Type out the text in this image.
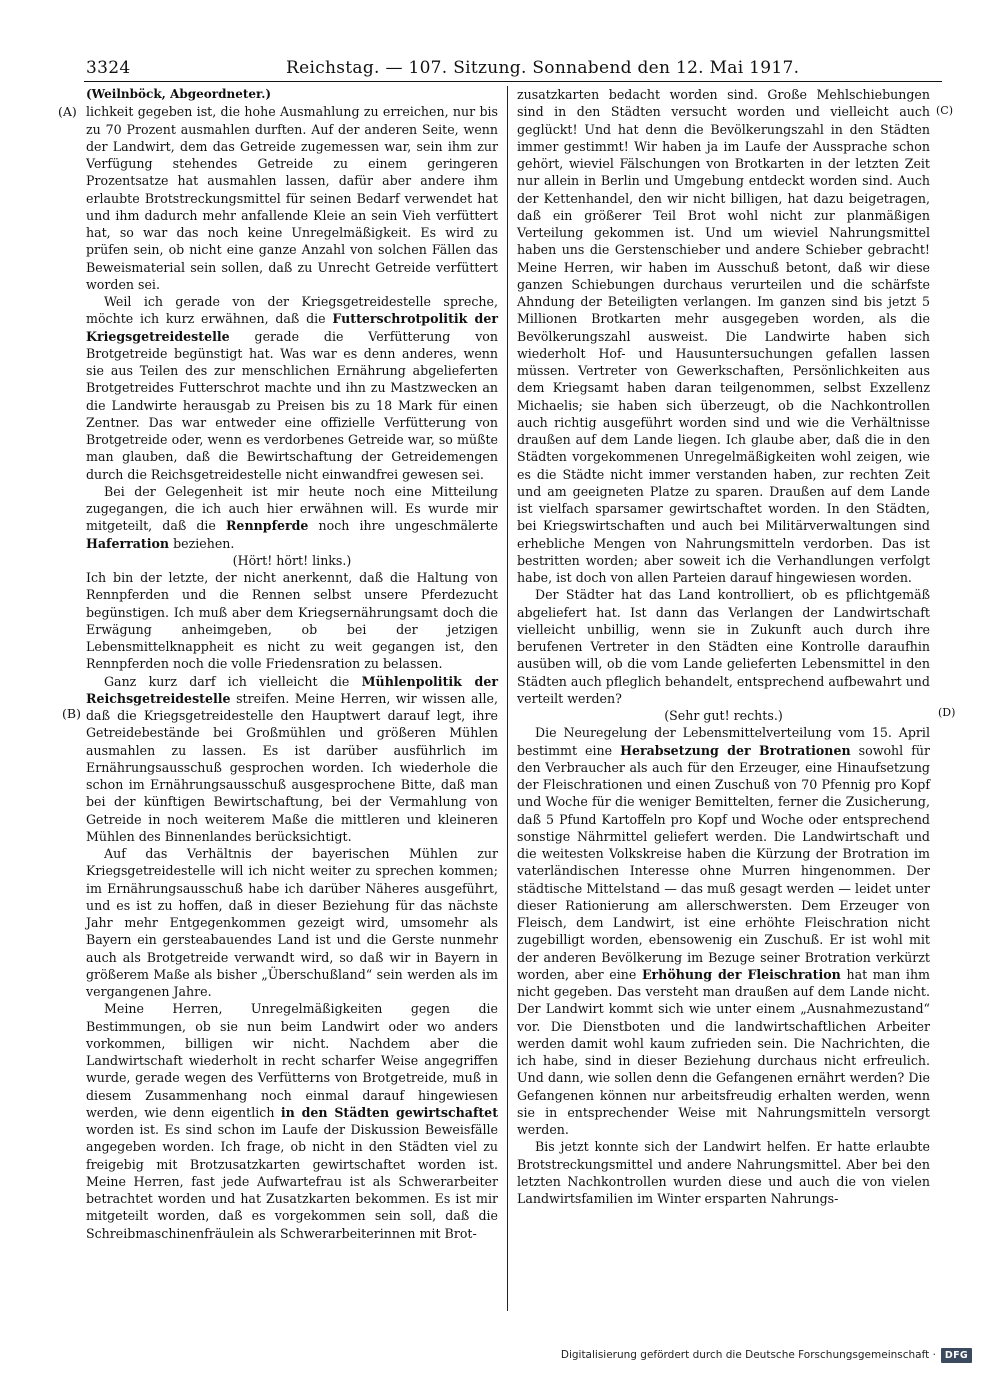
3324	Reichstag. — 107. Sitzung. Sonnabend den 12. Mai 1917.
(A)
(B)
(C)
(D)

(Weilnböck, Abgeordneter.)

lichkeit gegeben ist, die hohe Ausmahlung zu erreichen, nur bis zu 70 Prozent ausmahlen durften. Auf der anderen Seite, wenn der Landwirt, dem das Getreide zugemessen war, sein ihm zur Verfügung stehendes Getreide zu einem geringeren Prozentsatze hat ausmahlen lassen, dafür aber andere ihm erlaubte Brotstreckungsmittel für seinen Bedarf verwendet hat und ihm dadurch mehr anfallende Kleie an sein Vieh verfüttert hat, so war das noch keine Unregelmäßigkeit. Es wird zu prüfen sein, ob nicht eine ganze Anzahl von solchen Fällen das Beweismaterial sein sollen, daß zu Unrecht Getreide verfüttert worden sei.

Weil ich gerade von der Kriegsgetreidestelle spreche, möchte ich kurz erwähnen, daß die Futterschrotpolitik der Kriegsgetreidestelle gerade die Verfütterung von Brotgetreide begünstigt hat. Was war es denn anderes, wenn sie aus Teilen des zur menschlichen Ernährung abgelieferten Brotgetreides Futterschrot machte und ihn zu Mastzwecken an die Landwirte herausgab zu Preisen bis zu 18 Mark für einen Zentner. Das war entweder eine offizielle Verfütterung von Brotgetreide oder, wenn es verdorbenes Getreide war, so müßte man glauben, daß die Bewirtschaftung der Getreidemengen durch die Reichsgetreidestelle nicht einwandfrei gewesen sei.

Bei der Gelegenheit ist mir heute noch eine Mitteilung zugegangen, die ich auch hier erwähnen will. Es wurde mir mitgeteilt, daß die Rennpferde noch ihre ungeschmälerte Haferration beziehen.

(Hört! hört! links.)

Ich bin der letzte, der nicht anerkennt, daß die Haltung von Rennpferden und die Rennen selbst unsere Pferdezucht begünstigen. Ich muß aber dem Kriegsernährungsamt doch die Erwägung anheimgeben, ob bei der jetzigen Lebensmittelknappheit es nicht zu weit gegangen ist, den Rennpferden noch die volle Friedensration zu belassen.

Ganz kurz darf ich vielleicht die Mühlenpolitik der Reichsgetreidestelle streifen. Meine Herren, wir wissen alle, daß die Kriegsgetreidestelle den Hauptwert darauf legt, ihre Getreidebestände bei Großmühlen und größeren Mühlen ausmahlen zu lassen. Es ist darüber ausführlich im Ernährungsausschuß gesprochen worden. Ich wiederhole die schon im Ernährungsausschuß ausgesprochene Bitte, daß man bei der künftigen Bewirtschaftung, bei der Vermahlung von Getreide in noch weiterem Maße die mittleren und kleineren Mühlen des Binnenlandes berücksichtigt.

Auf das Verhältnis der bayerischen Mühlen zur Kriegsgetreidestelle will ich nicht weiter zu sprechen kommen; im Ernährungsausschuß habe ich darüber Näheres ausgeführt, und es ist zu hoffen, daß in dieser Beziehung für das nächste Jahr mehr Entgegenkommen gezeigt wird, umsomehr als Bayern ein gersteabauendes Land ist und die Gerste nunmehr auch als Brotgetreide verwandt wird, so daß wir in Bayern in größerem Maße als bisher „Überschußland“ sein werden als im vergangenen Jahre.

Meine Herren, Unregelmäßigkeiten gegen die Bestimmungen, ob sie nun beim Landwirt oder wo anders vorkommen, billigen wir nicht. Nachdem aber die Landwirtschaft wiederholt in recht scharfer Weise angegriffen wurde, gerade wegen des Verfütterns von Brotgetreide, muß in diesem Zusammenhang noch einmal darauf hingewiesen werden, wie denn eigentlich in den Städten gewirtschaftet worden ist. Es sind schon im Laufe der Diskussion Beweisfälle angegeben worden. Ich frage, ob nicht in den Städten viel zu freigebig mit Brotzusatzkarten gewirtschaftet worden ist. Meine Herren, fast jede Aufwartefrau ist als Schwerarbeiter betrachtet worden und hat Zusatzkarten bekommen. Es ist mir mitgeteilt worden, daß es vorgekommen sein soll, daß die Schreibmaschinenfräulein als Schwerarbeiterinnen mit Brot-

zusatzkarten bedacht worden sind. Große Mehlschiebungen sind in den Städten versucht worden und vielleicht auch geglückt! Und hat denn die Bevölkerungszahl in den Städten immer gestimmt! Wir haben ja im Laufe der Aussprache schon gehört, wieviel Fälschungen von Brotkarten in der letzten Zeit nur allein in Berlin und Umgebung entdeckt worden sind. Auch der Kettenhandel, den wir nicht billigen, hat dazu beigetragen, daß ein größerer Teil Brot wohl nicht zur planmäßigen Verteilung gekommen ist. Und um wieviel Nahrungsmittel haben uns die Gerstenschieber und andere Schieber gebracht! Meine Herren, wir haben im Ausschuß betont, daß wir diese ganzen Schiebungen durchaus verurteilen und die schärfste Ahndung der Beteiligten verlangen. Im ganzen sind bis jetzt 5 Millionen Brotkarten mehr ausgegeben worden, als die Bevölkerungszahl ausweist. Die Landwirte haben sich wiederholt Hof- und Hausuntersuchungen gefallen lassen müssen. Vertreter von Gewerkschaften, Persönlichkeiten aus dem Kriegsamt haben daran teilgenommen, selbst Exzellenz Michaelis; sie haben sich überzeugt, ob die Nachkontrollen auch richtig ausgeführt worden sind und wie die Verhältnisse draußen auf dem Lande liegen. Ich glaube aber, daß die in den Städten vorgekommenen Unregelmäßigkeiten wohl zeigen, wie es die Städte nicht immer verstanden haben, zur rechten Zeit und am geeigneten Platze zu sparen. Draußen auf dem Lande ist vielfach sparsamer gewirtschaftet worden. In den Städten, bei Kriegswirtschaften und auch bei Militärverwaltungen sind erhebliche Mengen von Nahrungsmitteln verdorben. Das ist bestritten worden; aber soweit ich die Verhandlungen verfolgt habe, ist doch von allen Parteien darauf hingewiesen worden.

Der Städter hat das Land kontrolliert, ob es pflichtgemäß abgeliefert hat. Ist dann das Verlangen der Landwirtschaft vielleicht unbillig, wenn sie in Zukunft auch durch ihre berufenen Vertreter in den Städten eine Kontrolle daraufhin ausüben will, ob die vom Lande gelieferten Lebensmittel in den Städten auch pfleglich behandelt, entsprechend aufbewahrt und verteilt werden?

(Sehr gut! rechts.)

Die Neuregelung der Lebensmittelverteilung vom 15. April bestimmt eine Herabsetzung der Brotrationen sowohl für den Verbraucher als auch für den Erzeuger, eine Hinaufsetzung der Fleischrationen und einen Zuschuß von 70 Pfennig pro Kopf und Woche für die weniger Bemittelten, ferner die Zusicherung, daß 5 Pfund Kartoffeln pro Kopf und Woche oder entsprechend sonstige Nährmittel geliefert werden. Die Landwirtschaft und die weitesten Volkskreise haben die Kürzung der Brotration im vaterländischen Interesse ohne Murren hingenommen. Der städtische Mittelstand — das muß gesagt werden — leidet unter dieser Rationierung am allerschwersten. Dem Erzeuger von Fleisch, dem Landwirt, ist eine erhöhte Fleischration nicht zugebilligt worden, ebensowenig ein Zuschuß. Er ist wohl mit der anderen Bevölkerung im Bezuge seiner Brotration verkürzt worden, aber eine Erhöhung der Fleischration hat man ihm nicht gegeben. Das versteht man draußen auf dem Lande nicht. Der Landwirt kommt sich wie unter einem „Ausnahmezustand“ vor. Die Dienstboten und die landwirtschaftlichen Arbeiter werden damit wohl kaum zufrieden sein. Die Nachrichten, die ich habe, sind in dieser Beziehung durchaus nicht erfreulich. Und dann, wie sollen denn die Gefangenen ernährt werden? Die Gefangenen können nur arbeitsfreudig erhalten werden, wenn sie in entsprechender Weise mit Nahrungsmitteln versorgt werden.

Bis jetzt konnte sich der Landwirt helfen. Er hatte erlaubte Brotstreckungsmittel und andere Nahrungsmittel. Aber bei den letzten Nachkontrollen wurden diese und auch die von vielen Landwirtsfamilien im Winter ersparten Nahrungs-

Digitalisierung gefördert durch die Deutsche Forschungsgemeinschaft · DFG
